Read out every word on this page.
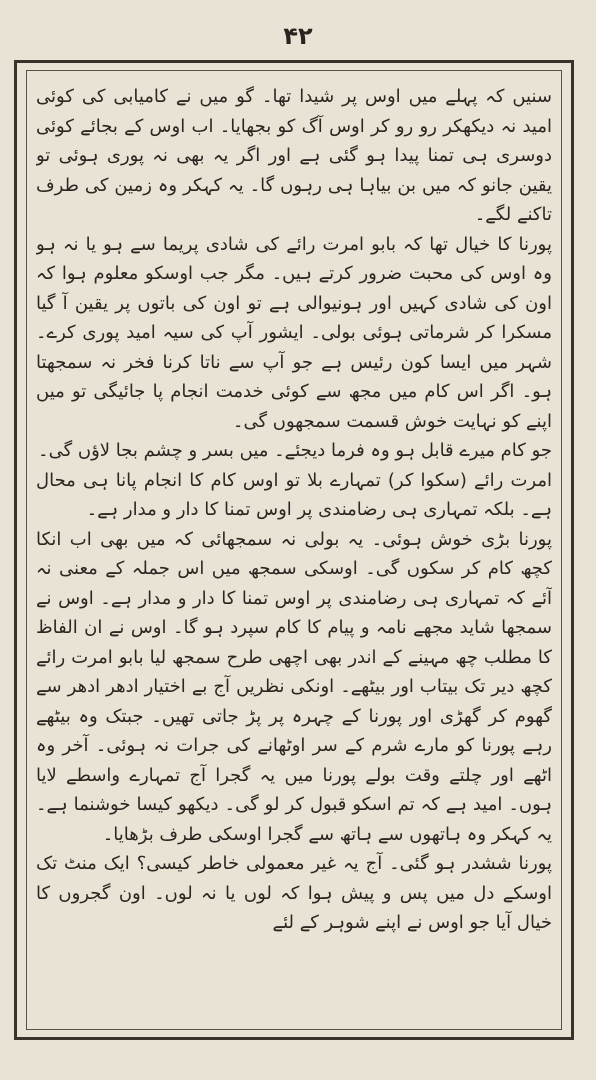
۴۲

سنیں کہ پہلے میں اوس پر شیدا تھا۔ گو میں نے کامیابی کی کوئی امید نہ دیکھکر رو رو کر اوس آگ کو بجھایا۔ اب اوس کے بجائے کوئی دوسری ہی تمنا پیدا ہو گئی ہے اور اگر یہ بھی نہ پوری ہوئی تو یقین جانو کہ میں بن بیاہا ہی رہوں گا۔ یہ کہکر وہ زمین کی طرف تاکنے لگے۔

پورنا کا خیال تھا کہ بابو امرت رائے کی شادی پریما سے ہو یا نہ ہو وہ اوس کی محبت ضرور کرتے ہیں۔ مگر جب اوسکو معلوم ہوا کہ اون کی شادی کہیں اور ہونیوالی ہے تو اون کی باتوں پر یقین آ گیا مسکرا کر شرماتی ہوئی بولی۔ ایشور آپ کی سیہ امید پوری کرے۔ شہر میں ایسا کون رئیس ہے جو آپ سے ناتا کرنا فخر نہ سمجھتا ہو۔ اگر اس کام میں مجھ سے کوئی خدمت انجام پا جائیگی تو میں اپنے کو نہایت خوش قسمت سمجھوں گی۔

جو کام میرے قابل ہو وہ فرما دیجئے۔ میں بسر و چشم بجا لاؤں گی۔

امرت رائے (سکوا کر) تمہارے بلا تو اوس کام کا انجام پانا ہی محال ہے۔ بلکہ تمہاری ہی رضامندی پر اوس تمنا کا دار و مدار ہے۔

پورنا بڑی خوش ہوئی۔ یہ بولی نہ سمجھائی کہ میں بھی اب انکا کچھ کام کر سکوں گی۔ اوسکی سمجھ میں اس جملہ کے معنی نہ آئے کہ تمہاری ہی رضامندی پر اوس تمنا کا دار و مدار ہے۔ اوس نے سمجھا شاید مجھے نامہ و پیام کا کام سپرد ہو گا۔ اوس نے ان الفاظ کا مطلب چھ مہینے کے اندر بھی اچھی طرح سمجھ لیا بابو امرت رائے کچھ دیر تک بیتاب اور بیٹھے۔ اونکی نظریں آج بے اختیار ادھر ادھر سے گھوم کر گھڑی اور پورنا کے چہرہ پر پڑ جاتی تھیں۔ جبتک وہ بیٹھے رہے پورنا کو مارے شرم کے سر اوٹھانے کی جرات نہ ہوئی۔ آخر وہ اٹھے اور چلتے وقت بولے پورنا میں یہ گجرا آج تمہارے واسطے لایا ہوں۔ امید ہے کہ تم اسکو قبول کر لو گی۔ دیکھو کیسا خوشنما ہے۔ یہ کہکر وہ ہاتھوں سے ہاتھ سے گجرا اوسکی طرف بڑھایا۔

پورنا ششدر ہو گئی۔ آج یہ غیر معمولی خاطر کیسی؟ ایک منٹ تک اوسکے دل میں پس و پیش ہوا کہ لوں یا نہ لوں۔ اون گجروں کا خیال آیا جو اوس نے اپنے شوہر کے لئے
